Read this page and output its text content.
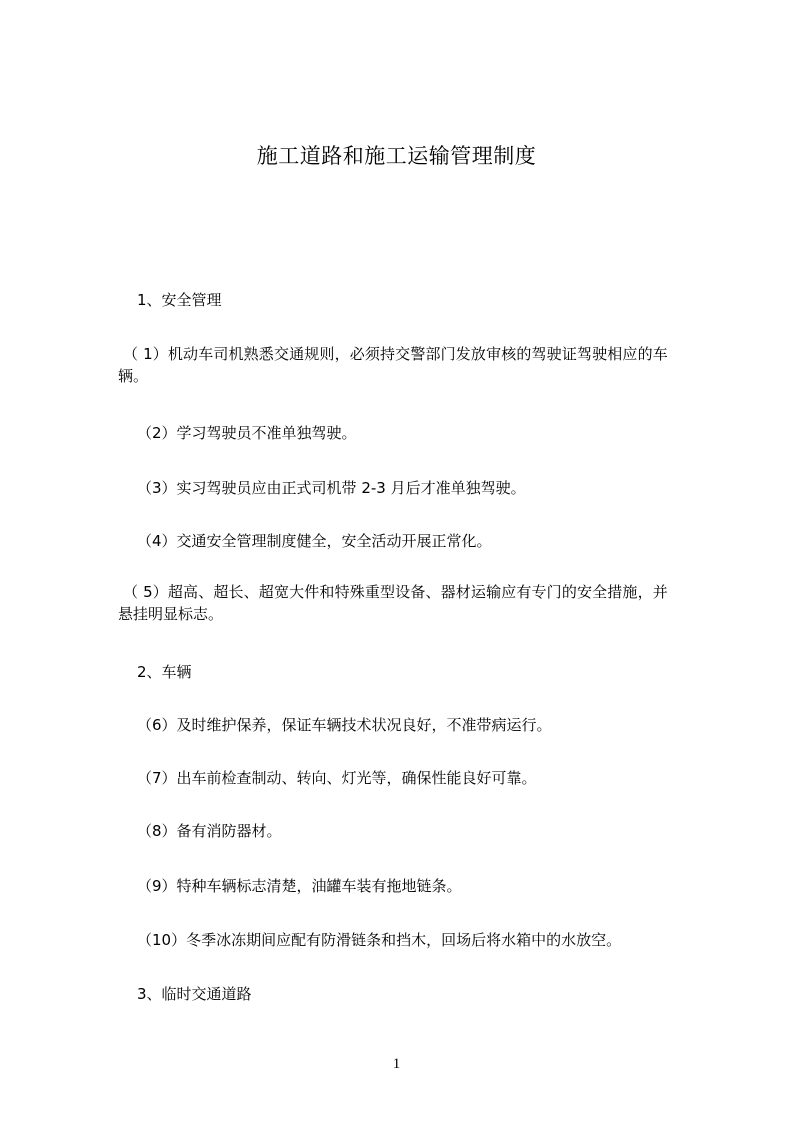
施工道路和施工运输管理制度
1、安全管理
（ 1）机动车司机熟悉交通规则，必须持交警部门发放审核的驾驶证驾驶相应的车
辆。
（2）学习驾驶员不准单独驾驶。
（3）实习驾驶员应由正式司机带 2-3 月后才准单独驾驶。
（4）交通安全管理制度健全，安全活动开展正常化。
（ 5）超高、超长、超宽大件和特殊重型设备、器材运输应有专门的安全措施，并
悬挂明显标志。
2、车辆
（6）及时维护保养，保证车辆技术状况良好，不准带病运行。
（7）出车前检查制动、转向、灯光等，确保性能良好可靠。
（8）备有消防器材。
（9）特种车辆标志清楚，油罐车装有拖地链条。
（10）冬季冰冻期间应配有防滑链条和挡木，回场后将水箱中的水放空。
3、临时交通道路
1
